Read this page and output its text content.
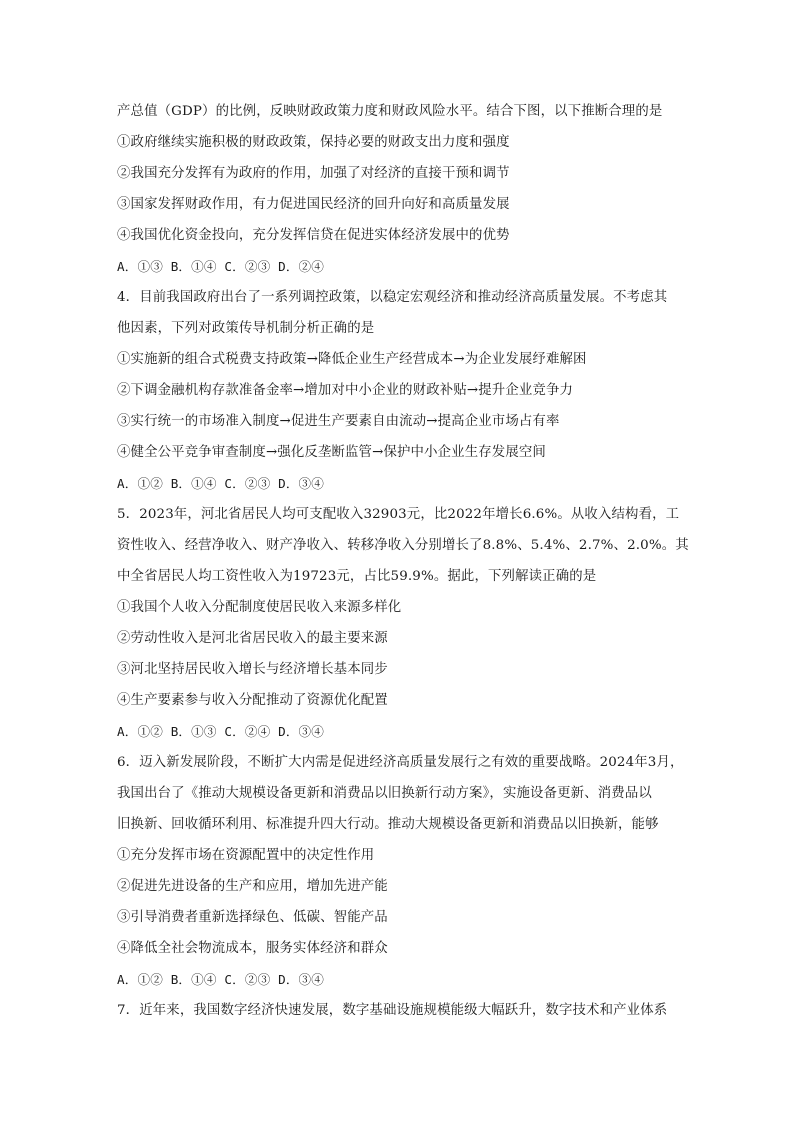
产总值（GDP）的比例，反映财政政策力度和财政风险水平。结合下图，以下推断合理的是
①政府继续实施积极的财政政策，保持必要的财政支出力度和强度
②我国充分发挥有为政府的作用，加强了对经济的直接干预和调节
③国家发挥财政作用，有力促进国民经济的回升向好和高质量发展
④我国优化资金投向，充分发挥信贷在促进实体经济发展中的优势
A．①③ B．①④ C．②③ D．②④
4．目前我国政府出台了一系列调控政策，以稳定宏观经济和推动经济高质量发展。不考虑其
他因素，下列对政策传导机制分析正确的是
①实施新的组合式税费支持政策→降低企业生产经营成本→为企业发展纾难解困
②下调金融机构存款准备金率→增加对中小企业的财政补贴→提升企业竞争力
③实行统一的市场准入制度→促进生产要素自由流动→提高企业市场占有率
④健全公平竞争审查制度→强化反垄断监管→保护中小企业生存发展空间
A．①② B．①④ C．②③ D．③④
5．2023年，河北省居民人均可支配收入32903元，比2022年增长6.6%。从收入结构看，工
资性收入、经营净收入、财产净收入、转移净收入分别增长了8.8%、5.4%、2.7%、2.0%。其
中全省居民人均工资性收入为19723元，占比59.9%。据此，下列解读正确的是
①我国个人收入分配制度使居民收入来源多样化
②劳动性收入是河北省居民收入的最主要来源
③河北坚持居民收入增长与经济增长基本同步
④生产要素参与收入分配推动了资源优化配置
A．①② B．①③ C．②④ D．③④
6．迈入新发展阶段，不断扩大内需是促进经济高质量发展行之有效的重要战略。2024年3月，
我国出台了《推动大规模设备更新和消费品以旧换新行动方案》，实施设备更新、消费品以
旧换新、回收循环利用、标准提升四大行动。推动大规模设备更新和消费品以旧换新，能够
①充分发挥市场在资源配置中的决定性作用
②促进先进设备的生产和应用，增加先进产能
③引导消费者重新选择绿色、低碳、智能产品
④降低全社会物流成本，服务实体经济和群众
A．①② B．①④ C．②③ D．③④
7．近年来，我国数字经济快速发展，数字基础设施规模能级大幅跃升，数字技术和产业体系
